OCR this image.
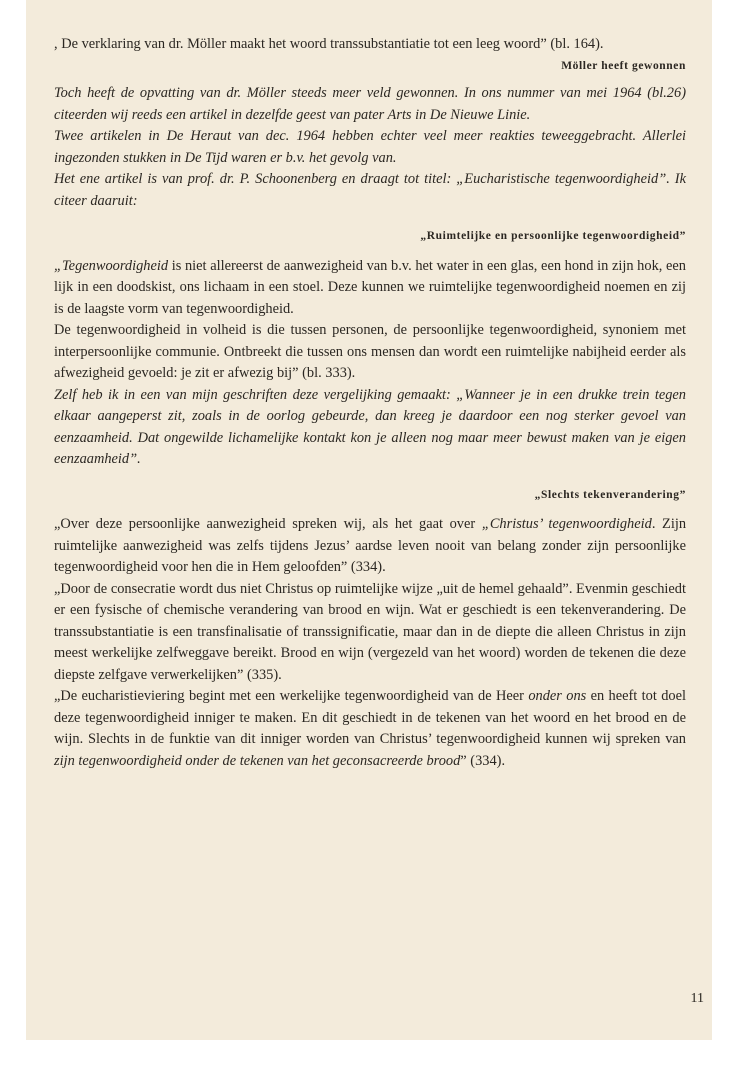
, De verklaring van dr. Möller maakt het woord transsubstantiatie tot een leeg woord” (bl. 164).

Möller heeft gewonnen

Toch heeft de opvatting van dr. Möller steeds meer veld gewonnen. In ons nummer van mei 1964 (bl.26) citeerden wij reeds een artikel in dezelfde geest van pater Arts in De Nieuwe Linie.

Twee artikelen in De Heraut van dec. 1964 hebben echter veel meer reakties teweeggebracht. Allerlei ingezonden stukken in De Tijd waren er b.v. het gevolg van.

Het ene artikel is van prof. dr. P. Schoonenberg en draagt tot titel: „Eucharistische tegenwoordigheid”. Ik citeer daaruit:

„Ruimtelijke en persoonlijke tegenwoordigheid”

„Tegenwoordigheid is niet allereerst de aanwezigheid van b.v. het water in een glas, een hond in zijn hok, een lijk in een doodskist, ons lichaam in een stoel. Deze kunnen we ruimtelijke tegenwoordigheid noemen en zij is de laagste vorm van tegenwoordigheid.

De tegenwoordigheid in volheid is die tussen personen, de persoonlijke tegenwoordigheid, synoniem met interpersoonlijke communie. Ontbreekt die tussen ons mensen dan wordt een ruimtelijke nabijheid eerder als afwezigheid gevoeld: je zit er afwezig bij” (bl. 333).

Zelf heb ik in een van mijn geschriften deze vergelijking gemaakt: „Wanneer je in een drukke trein tegen elkaar aangeperst zit, zoals in de oorlog gebeurde, dan kreeg je daardoor een nog sterker gevoel van eenzaamheid. Dat ongewilde lichamelijke kontakt kon je alleen nog maar meer bewust maken van je eigen eenzaamheid”.

„Slechts tekenverandering”

„Over deze persoonlijke aanwezigheid spreken wij, als het gaat over „Christus’ tegenwoordigheid. Zijn ruimtelijke aanwezigheid was zelfs tijdens Jezus’ aardse leven nooit van belang zonder zijn persoonlijke tegenwoordigheid voor hen die in Hem geloofden” (334).

„Door de consecratie wordt dus niet Christus op ruimtelijke wijze „uit de hemel gehaald”. Evenmin geschiedt er een fysische of chemische verandering van brood en wijn. Wat er geschiedt is een tekenverandering. De transsubstantiatie is een transfinalisatie of transsignificatie, maar dan in de diepte die alleen Christus in zijn meest werkelijke zelfweggave bereikt. Brood en wijn (vergezeld van het woord) worden de tekenen die deze diepste zelfgave verwerkelijken” (335).

„De eucharistieviering begint met een werkelijke tegenwoordigheid van de Heer onder ons en heeft tot doel deze tegenwoordigheid inniger te maken. En dit geschiedt in de tekenen van het woord en het brood en de wijn. Slechts in de funktie van dit inniger worden van Christus’ tegenwoordigheid kunnen wij spreken van zijn tegenwoordigheid onder de tekenen van het geconsacreerde brood” (334).

11
